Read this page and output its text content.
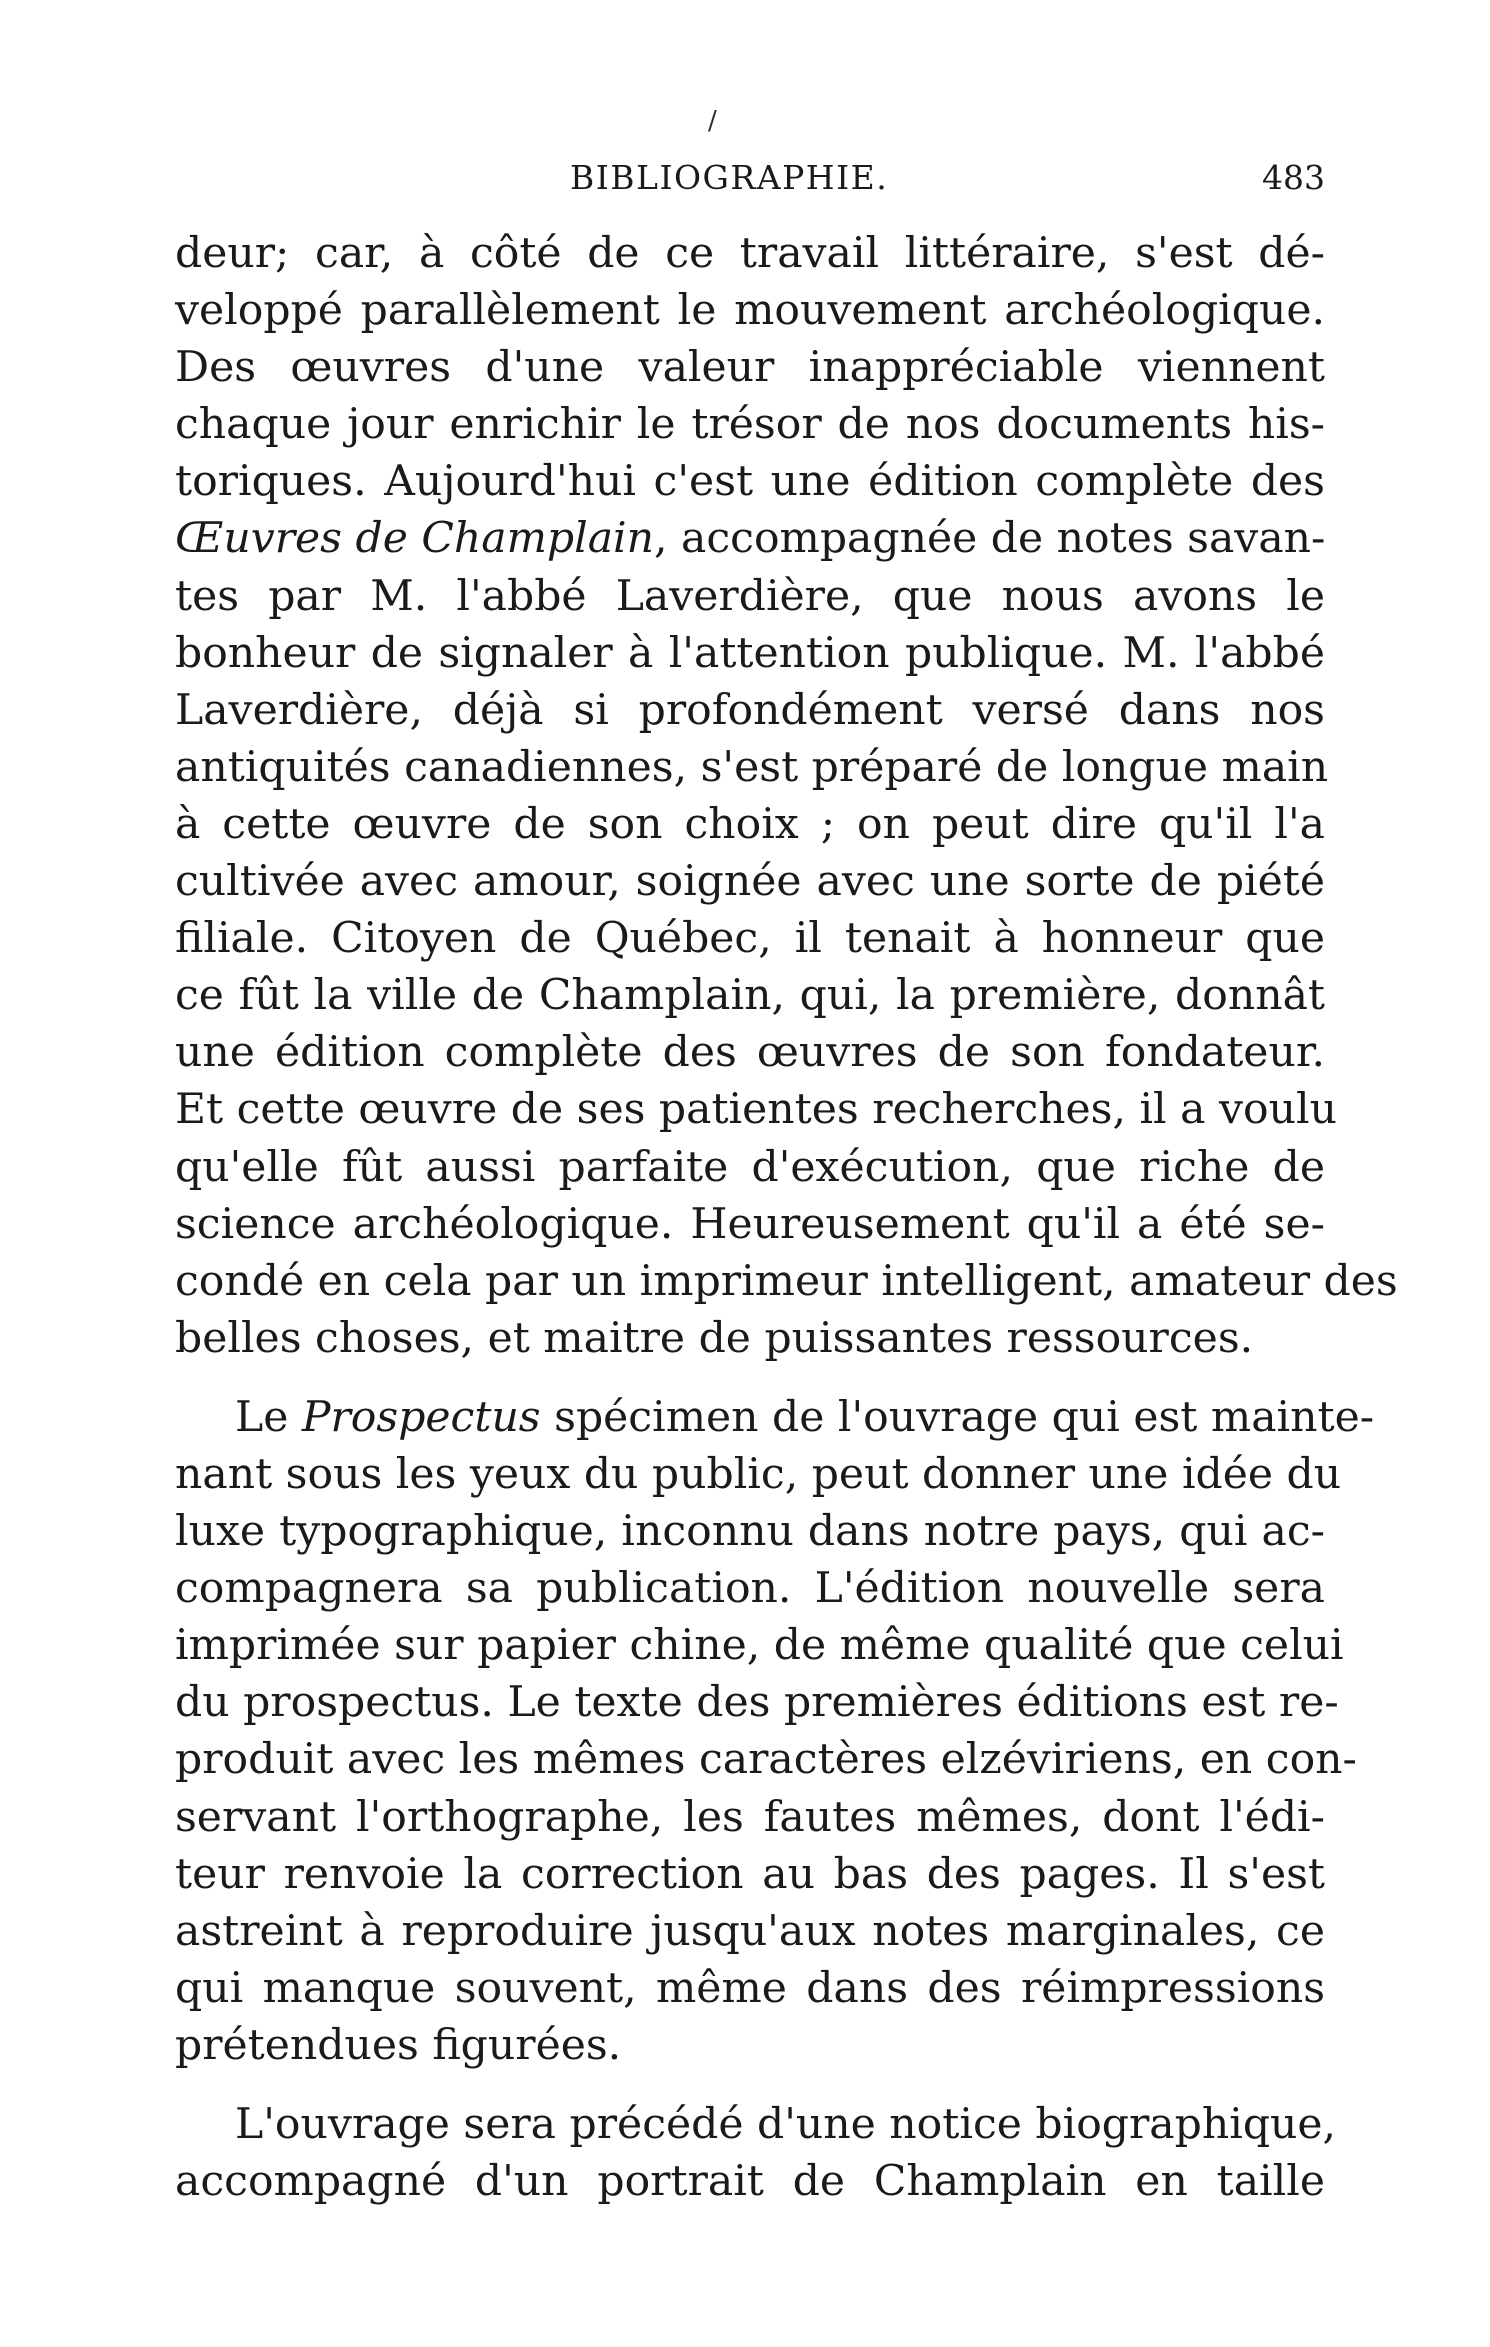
/
BIBLIOGRAPHIE.	483
deur; car, à côté de ce travail littéraire, s'est dé-
veloppé parallèlement le mouvement archéologique.
Des œuvres d'une valeur inappréciable viennent
chaque jour enrichir le trésor de nos documents his-
toriques. Aujourd'hui c'est une édition complète des
Œuvres de Champlain, accompagnée de notes savan-
tes par M. l'abbé Laverdière, que nous avons le
bonheur de signaler à l'attention publique. M. l'abbé
Laverdière, déjà si profondément versé dans nos
antiquités canadiennes, s'est préparé de longue main
à cette œuvre de son choix ; on peut dire qu'il l'a
cultivée avec amour, soignée avec une sorte de piété
filiale. Citoyen de Québec, il tenait à honneur que
ce fût la ville de Champlain, qui, la première, donnât
une édition complète des œuvres de son fondateur.
Et cette œuvre de ses patientes recherches, il a voulu
qu'elle fût aussi parfaite d'exécution, que riche de
science archéologique. Heureusement qu'il a été se-
condé en cela par un imprimeur intelligent, amateur des
belles choses, et maitre de puissantes ressources.
Le Prospectus spécimen de l'ouvrage qui est mainte-
nant sous les yeux du public, peut donner une idée du
luxe typographique, inconnu dans notre pays, qui ac-
compagnera sa publication. L'édition nouvelle sera
imprimée sur papier chine, de même qualité que celui
du prospectus. Le texte des premières éditions est re-
produit avec les mêmes caractères elzéviriens, en con-
servant l'orthographe, les fautes mêmes, dont l'édi-
teur renvoie la correction au bas des pages. Il s'est
astreint à reproduire jusqu'aux notes marginales, ce
qui manque souvent, même dans des réimpressions
prétendues figurées.
L'ouvrage sera précédé d'une notice biographique,
accompagné d'un portrait de Champlain en taille
